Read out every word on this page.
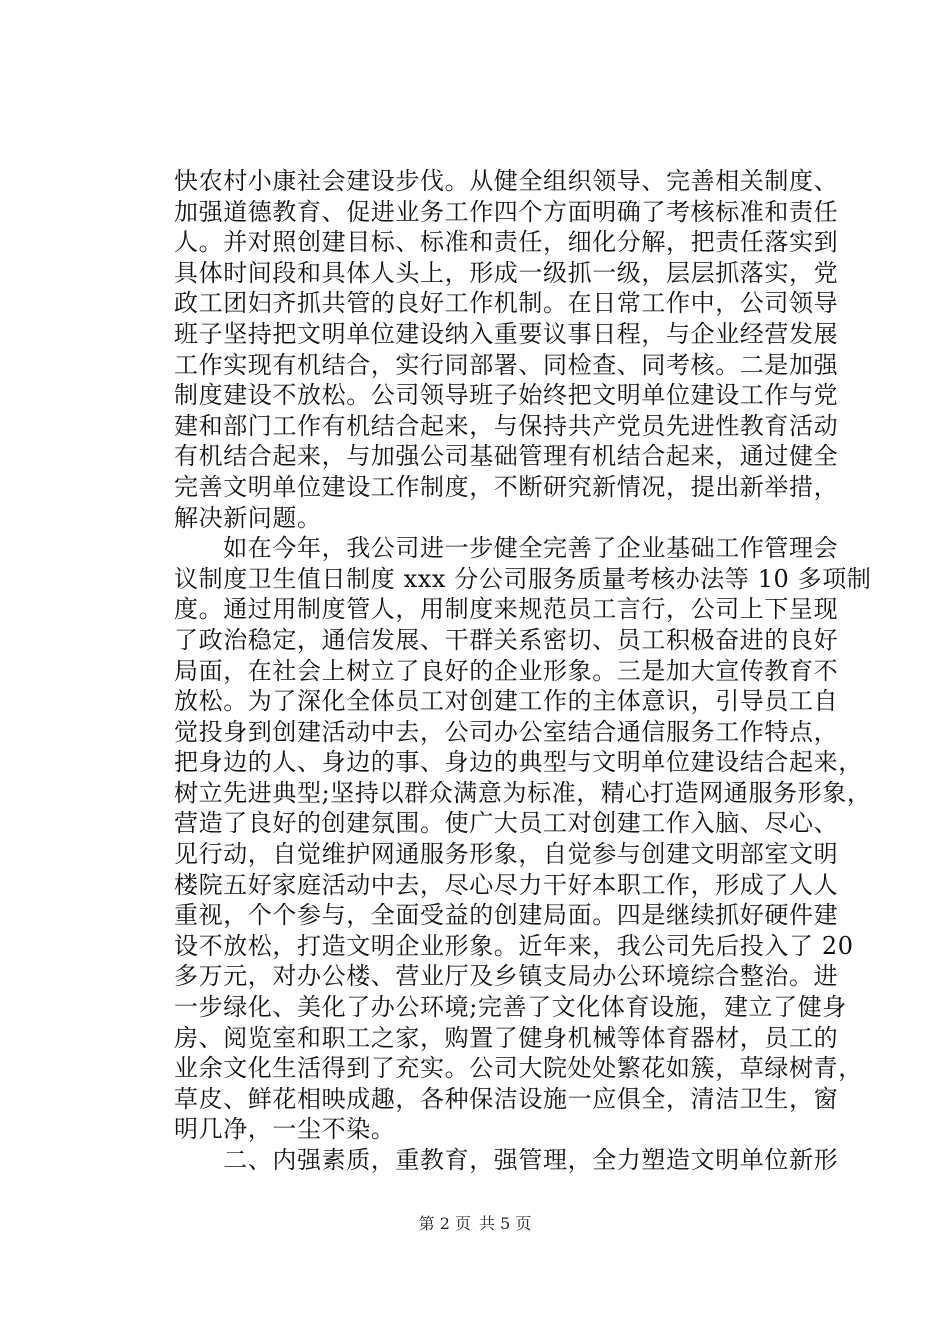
快农村小康社会建设步伐。从健全组织领导、完善相关制度、
加强道德教育、促进业务工作四个方面明确了考核标准和责任
人。并对照创建目标、标准和责任，细化分解，把责任落实到
具体时间段和具体人头上，形成一级抓一级，层层抓落实，党
政工团妇齐抓共管的良好工作机制。在日常工作中，公司领导
班子坚持把文明单位建设纳入重要议事日程，与企业经营发展
工作实现有机结合，实行同部署、同检查、同考核。二是加强
制度建设不放松。公司领导班子始终把文明单位建设工作与党
建和部门工作有机结合起来，与保持共产党员先进性教育活动
有机结合起来，与加强公司基础管理有机结合起来，通过健全
完善文明单位建设工作制度，不断研究新情况，提出新举措，
解决新问题。
　　如在今年，我公司进一步健全完善了企业基础工作管理会
议制度卫生值日制度 xxx 分公司服务质量考核办法等 10 多项制
度。通过用制度管人，用制度来规范员工言行，公司上下呈现
了政治稳定，通信发展、干群关系密切、员工积极奋进的良好
局面，在社会上树立了良好的企业形象。三是加大宣传教育不
放松。为了深化全体员工对创建工作的主体意识，引导员工自
觉投身到创建活动中去，公司办公室结合通信服务工作特点，
把身边的人、身边的事、身边的典型与文明单位建设结合起来，
树立先进典型;坚持以群众满意为标准，精心打造网通服务形象，
营造了良好的创建氛围。使广大员工对创建工作入脑、尽心、
见行动，自觉维护网通服务形象，自觉参与创建文明部室文明
楼院五好家庭活动中去，尽心尽力干好本职工作，形成了人人
重视，个个参与，全面受益的创建局面。四是继续抓好硬件建
设不放松，打造文明企业形象。近年来，我公司先后投入了 20
多万元，对办公楼、营业厅及乡镇支局办公环境综合整治。进
一步绿化、美化了办公环境;完善了文化体育设施，建立了健身
房、阅览室和职工之家，购置了健身机械等体育器材，员工的
业余文化生活得到了充实。公司大院处处繁花如簇，草绿树青，
草皮、鲜花相映成趣，各种保洁设施一应俱全，清洁卫生，窗
明几净，一尘不染。
　　二、内强素质，重教育，强管理，全力塑造文明单位新形
第 2 页 共 5 页
